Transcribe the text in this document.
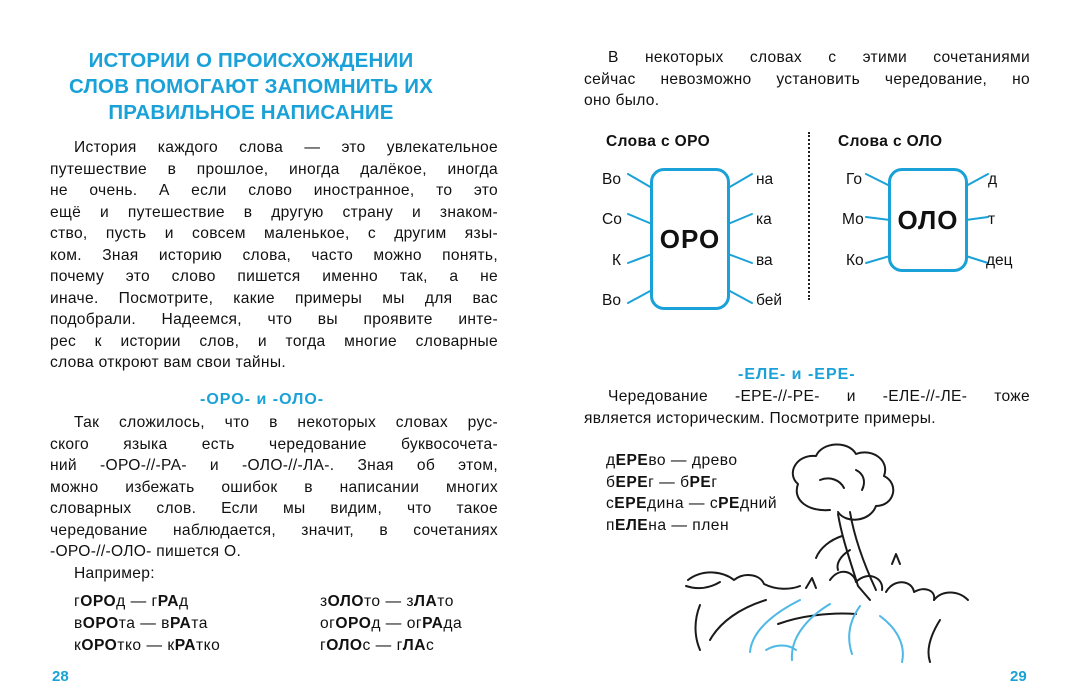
ИСТОРИИ О ПРОИСХОЖДЕНИИ
СЛОВ ПОМОГАЮТ ЗАПОМНИТЬ ИХ
ПРАВИЛЬНОЕ НАПИСАНИЕ
История каждого слова — это увлекательное
путешествие в прошлое, иногда далёкое, иногда
не очень. А если слово иностранное, то это
ещё и путешествие в другую страну и знаком-
ство, пусть и совсем маленькое, с другим язы-
ком. Зная историю слова, часто можно понять,
почему это слово пишется именно так, а не
иначе. Посмотрите, какие примеры мы для вас
подобрали. Надеемся, что вы проявите инте-
рес к истории слов, и тогда многие словарные
слова откроют вам свои тайны.
-ОРО- и -ОЛО-
Так сложилось, что в некоторых словах рус-
ского языка есть чередование буквосочета-
ний -ОРО-//-РА- и -ОЛО-//-ЛА-. Зная об этом,
можно избежать ошибок в написании многих
словарных слов. Если мы видим, что такое
чередование наблюдается, значит, в сочетаниях
-ОРО-//-ОЛО- пишется О.
Например:
гОРОд — гРАд
вОРОта — вРАта
кОРОтко — кРАтко
зОЛОто — зЛАто
огОРОд — огРАда
гОЛОс — гЛАс
28
В некоторых словах с этими сочетаниями
сейчас невозможно установить чередование, но
оно было.
Слова с ОРО
ОРО
Во
Со
К
Во
на
ка
ва
бей
Слова с ОЛО
ОЛО
Го
Мо
Ко
д
т
дец
-ЕЛЕ- и -ЕРЕ-
Чередование -ЕРЕ-//-РЕ- и -ЕЛЕ-//-ЛЕ- тоже
является историческим. Посмотрите примеры.
дЕРЕво — древо
бЕРЕг — бРЕг
сЕРЕдина — сРЕдний
пЕЛЕна — плен
29
